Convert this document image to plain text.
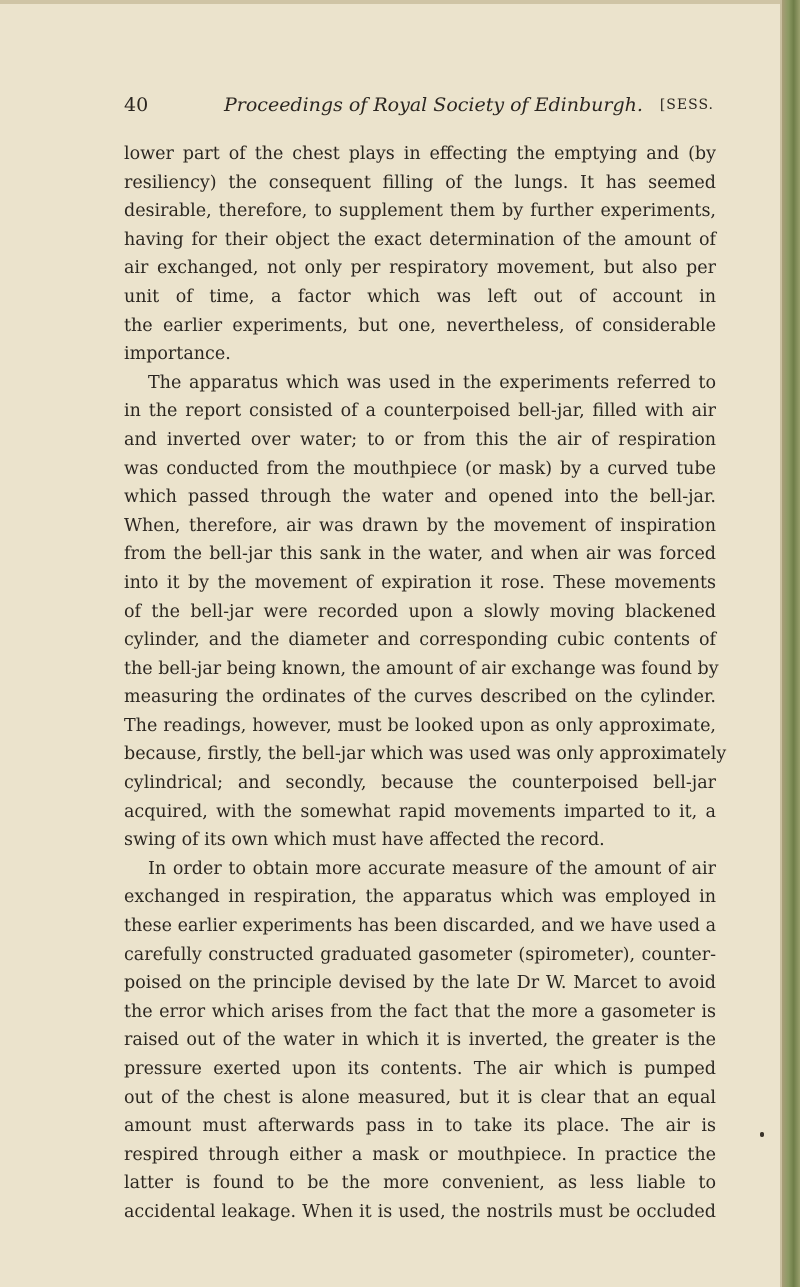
40	Proceedings of Royal Society of Edinburgh. [SESS.
lower part of the chest plays in effecting the emptying and (by
resiliency) the consequent filling of the lungs. It has seemed
desirable, therefore, to supplement them by further experiments,
having for their object the exact determination of the amount of
air exchanged, not only per respiratory movement, but also per
unit of time, a factor which was left out of account in
the earlier experiments, but one, nevertheless, of considerable
importance.
The apparatus which was used in the experiments referred to
in the report consisted of a counterpoised bell-jar, filled with air
and inverted over water; to or from this the air of respiration
was conducted from the mouthpiece (or mask) by a curved tube
which passed through the water and opened into the bell-jar.
When, therefore, air was drawn by the movement of inspiration
from the bell-jar this sank in the water, and when air was forced
into it by the movement of expiration it rose. These movements
of the bell-jar were recorded upon a slowly moving blackened
cylinder, and the diameter and corresponding cubic contents of
the bell-jar being known, the amount of air exchange was found by
measuring the ordinates of the curves described on the cylinder.
The readings, however, must be looked upon as only approximate,
because, firstly, the bell-jar which was used was only approximately
cylindrical; and secondly, because the counterpoised bell-jar
acquired, with the somewhat rapid movements imparted to it, a
swing of its own which must have affected the record.
In order to obtain more accurate measure of the amount of air
exchanged in respiration, the apparatus which was employed in
these earlier experiments has been discarded, and we have used a
carefully constructed graduated gasometer (spirometer), counter-
poised on the principle devised by the late Dr W. Marcet to avoid
the error which arises from the fact that the more a gasometer is
raised out of the water in which it is inverted, the greater is the
pressure exerted upon its contents. The air which is pumped
out of the chest is alone measured, but it is clear that an equal
amount must afterwards pass in to take its place. The air is
respired through either a mask or mouthpiece. In practice the
latter is found to be the more convenient, as less liable to
accidental leakage. When it is used, the nostrils must be occluded
